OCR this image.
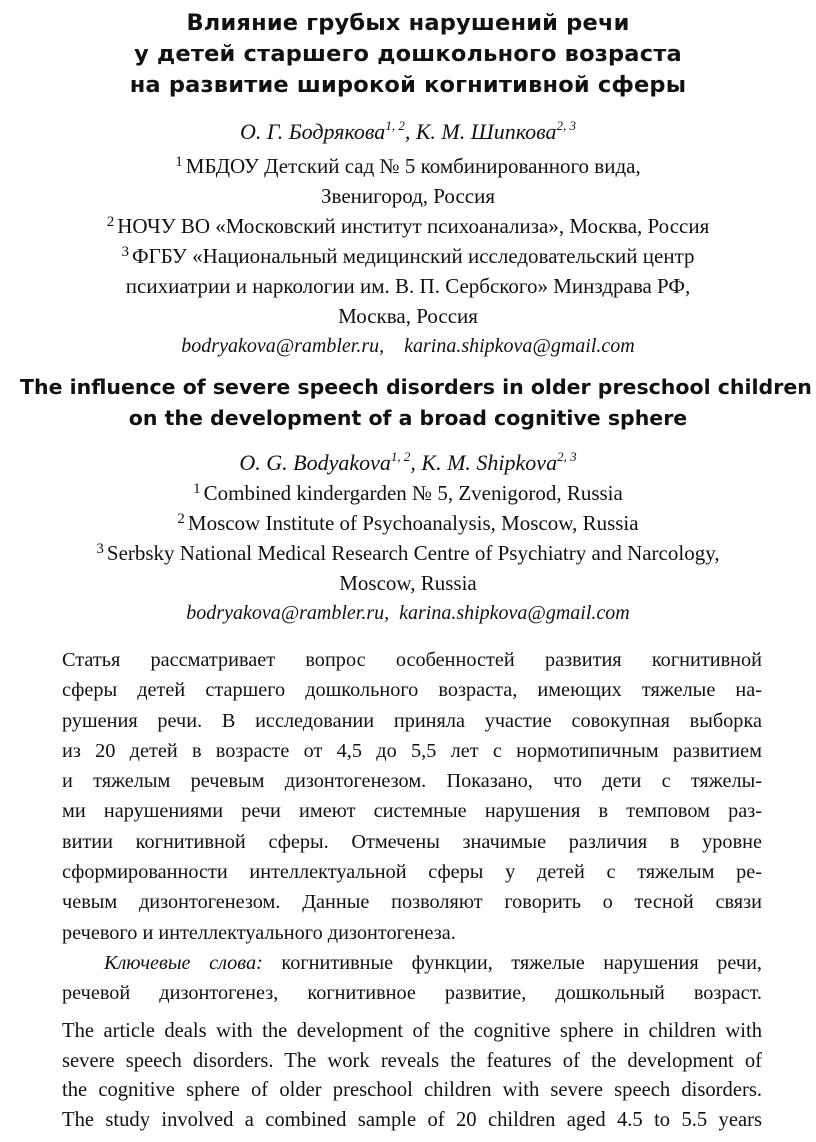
Влияние грубых нарушений речи
у детей старшего дошкольного возраста
на развитие широкой когнитивной сферы
О. Г. Бодрякова$^{1, 2}$, К. М. Шипкова$^{2, 3}$
$^1$ МБДОУ Детский сад № 5 комбинированного вида,
Звенигород, Россия
$^2$ НОЧУ ВО «Московский институт психоанализа», Москва, Россия
$^3$ ФГБУ «Национальный медицинский исследовательский центр
психиатрии и наркологии им. В. П. Сербского» Минздрава РФ,
Москва, Россия
bodryakova@rambler.ru,    karina.shipkova@gmail.com
The influence of severe speech disorders in older preschool children
on the development of a broad cognitive sphere
O. G. Bodyakova$^{1, 2}$, K. M. Shipkova$^{2, 3}$
$^1$ Combined kindergarden № 5, Zvenigorod, Russia
$^2$ Moscow Institute of Psychoanalysis, Moscow, Russia
$^3$ Serbsky National Medical Research Centre of Psychiatry and Narcology,
Moscow, Russia
bodryakova@rambler.ru,  karina.shipkova@gmail.com
Статья рассматривает вопрос особенностей развития когнитивной
сферы детей старшего дошкольного возраста, имеющих тяжелые на-
рушения речи. В исследовании приняла участие совокупная выборка
из 20 детей в возрасте от 4,5 до 5,5 лет с нормотипичным развитием
и тяжелым речевым дизонтогенезом. Показано, что дети с тяжелы-
ми нарушениями речи имеют системные нарушения в темповом раз-
витии когнитивной сферы. Отмечены значимые различия в уровне
сформированности интеллектуальной сферы у детей с тяжелым ре-
чевым дизонтогенезом. Данные позволяют говорить о тесной связи
речевого и интеллектуального дизонтогенеза.
Ключевые слова: когнитивные функции, тяжелые нарушения речи,
речевой дизонтогенез, когнитивное развитие, дошкольный возраст.
The article deals with the development of the cognitive sphere in children with
severe speech disorders. The work reveals the features of the development of
the cognitive sphere of older preschool children with severe speech disorders.
The study involved a combined sample of 20 children aged 4.5 to 5.5 years
